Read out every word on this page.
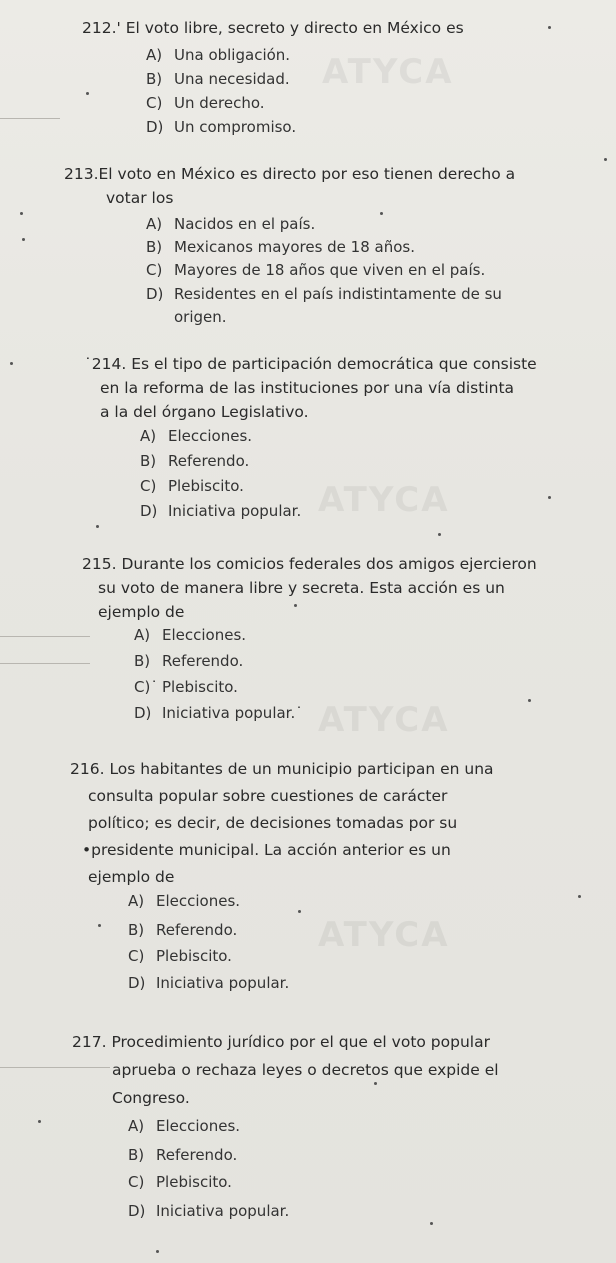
ATYCA
ATYCA
ATYCA
ATYCA
212.' El voto libre, secreto y directo en México es
A) Una obligación.
B) Una necesidad.
C) Un derecho.
D) Un compromiso.
213.El voto en México es directo por eso tienen derecho a
votar los
A) Nacidos en el país.
B) Mexicanos mayores de 18 años.
C) Mayores de 18 años que viven en el país.
D) Residentes en el país indistintamente de su
origen.
˙214. Es el tipo de participación democrática que consiste
en la reforma de las instituciones por una vía distinta
a la del órgano Legislativo.
A) Elecciones.
B) Referendo.
C) Plebiscito.
D) Iniciativa popular.
215. Durante los comicios federales dos amigos ejercieron
su voto de manera libre y secreta. Esta acción es un
ejemplo de
A) Elecciones.
B) Referendo.
C)˙ Plebiscito.
D) Iniciativa popular.˙
216. Los habitantes de un municipio participan en una
consulta popular sobre cuestiones de carácter
político; es decir, de decisiones tomadas por su
•presidente municipal. La acción anterior es un
ejemplo de
A) Elecciones.
B) Referendo.
C) Plebiscito.
D) Iniciativa popular.
217. Procedimiento jurídico por el que el voto popular
aprueba o rechaza leyes o decretos que expide el
Congreso.
A) Elecciones.
B) Referendo.
C) Plebiscito.
D) Iniciativa popular.
